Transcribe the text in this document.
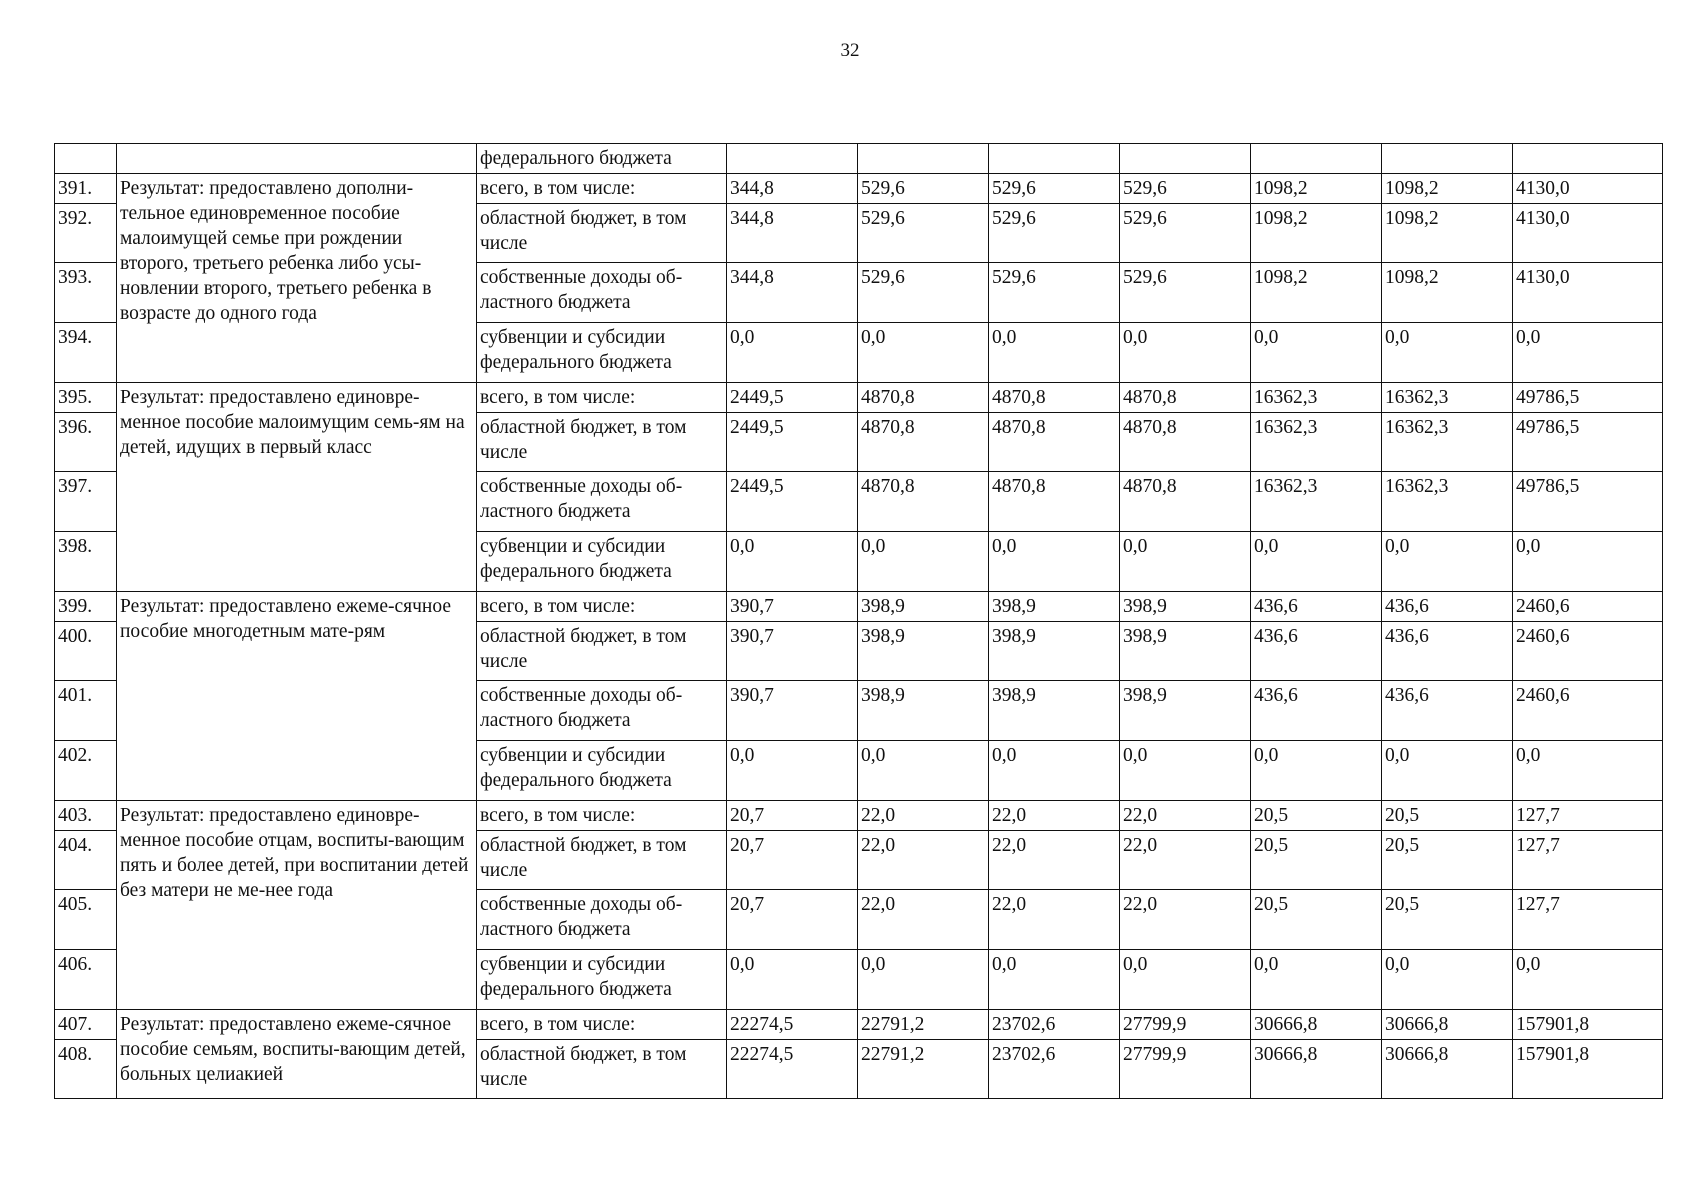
32
		федерального бюджета							
391.	Результат: предоставлено дополни-тельное единовременное пособие малоимущей семье при рождении второго, третьего ребенка либо усы-новлении второго, третьего ребенка в возрасте до одного года	всего, в том числе:	344,8	529,6	529,6	529,6	1098,2	1098,2	4130,0
392.		областной бюджет, в том числе	344,8	529,6	529,6	529,6	1098,2	1098,2	4130,0
393.		собственные доходы об-ластного бюджета	344,8	529,6	529,6	529,6	1098,2	1098,2	4130,0
394.		субвенции и субсидии федерального бюджета	0,0	0,0	0,0	0,0	0,0	0,0	0,0
395.	Результат: предоставлено единовре-менное пособие малоимущим семь-ям на детей, идущих в первый класс	всего, в том числе:	2449,5	4870,8	4870,8	4870,8	16362,3	16362,3	49786,5
396.		областной бюджет, в том числе	2449,5	4870,8	4870,8	4870,8	16362,3	16362,3	49786,5
397.		собственные доходы об-ластного бюджета	2449,5	4870,8	4870,8	4870,8	16362,3	16362,3	49786,5
398.		субвенции и субсидии федерального бюджета	0,0	0,0	0,0	0,0	0,0	0,0	0,0
399.	Результат: предоставлено ежеме-сячное пособие многодетным мате-рям	всего, в том числе:	390,7	398,9	398,9	398,9	436,6	436,6	2460,6
400.		областной бюджет, в том числе	390,7	398,9	398,9	398,9	436,6	436,6	2460,6
401.		собственные доходы об-ластного бюджета	390,7	398,9	398,9	398,9	436,6	436,6	2460,6
402.		субвенции и субсидии федерального бюджета	0,0	0,0	0,0	0,0	0,0	0,0	0,0
403.	Результат: предоставлено единовре-менное пособие отцам, воспиты-вающим пять и более детей, при воспитании детей без матери не ме-нее года	всего, в том числе:	20,7	22,0	22,0	22,0	20,5	20,5	127,7
404.		областной бюджет, в том числе	20,7	22,0	22,0	22,0	20,5	20,5	127,7
405.		собственные доходы об-ластного бюджета	20,7	22,0	22,0	22,0	20,5	20,5	127,7
406.		субвенции и субсидии федерального бюджета	0,0	0,0	0,0	0,0	0,0	0,0	0,0
407.	Результат: предоставлено ежеме-сячное пособие семьям, воспиты-вающим детей, больных целиакией	всего, в том числе:	22274,5	22791,2	23702,6	27799,9	30666,8	30666,8	157901,8
408.		областной бюджет, в том числе	22274,5	22791,2	23702,6	27799,9	30666,8	30666,8	157901,8
